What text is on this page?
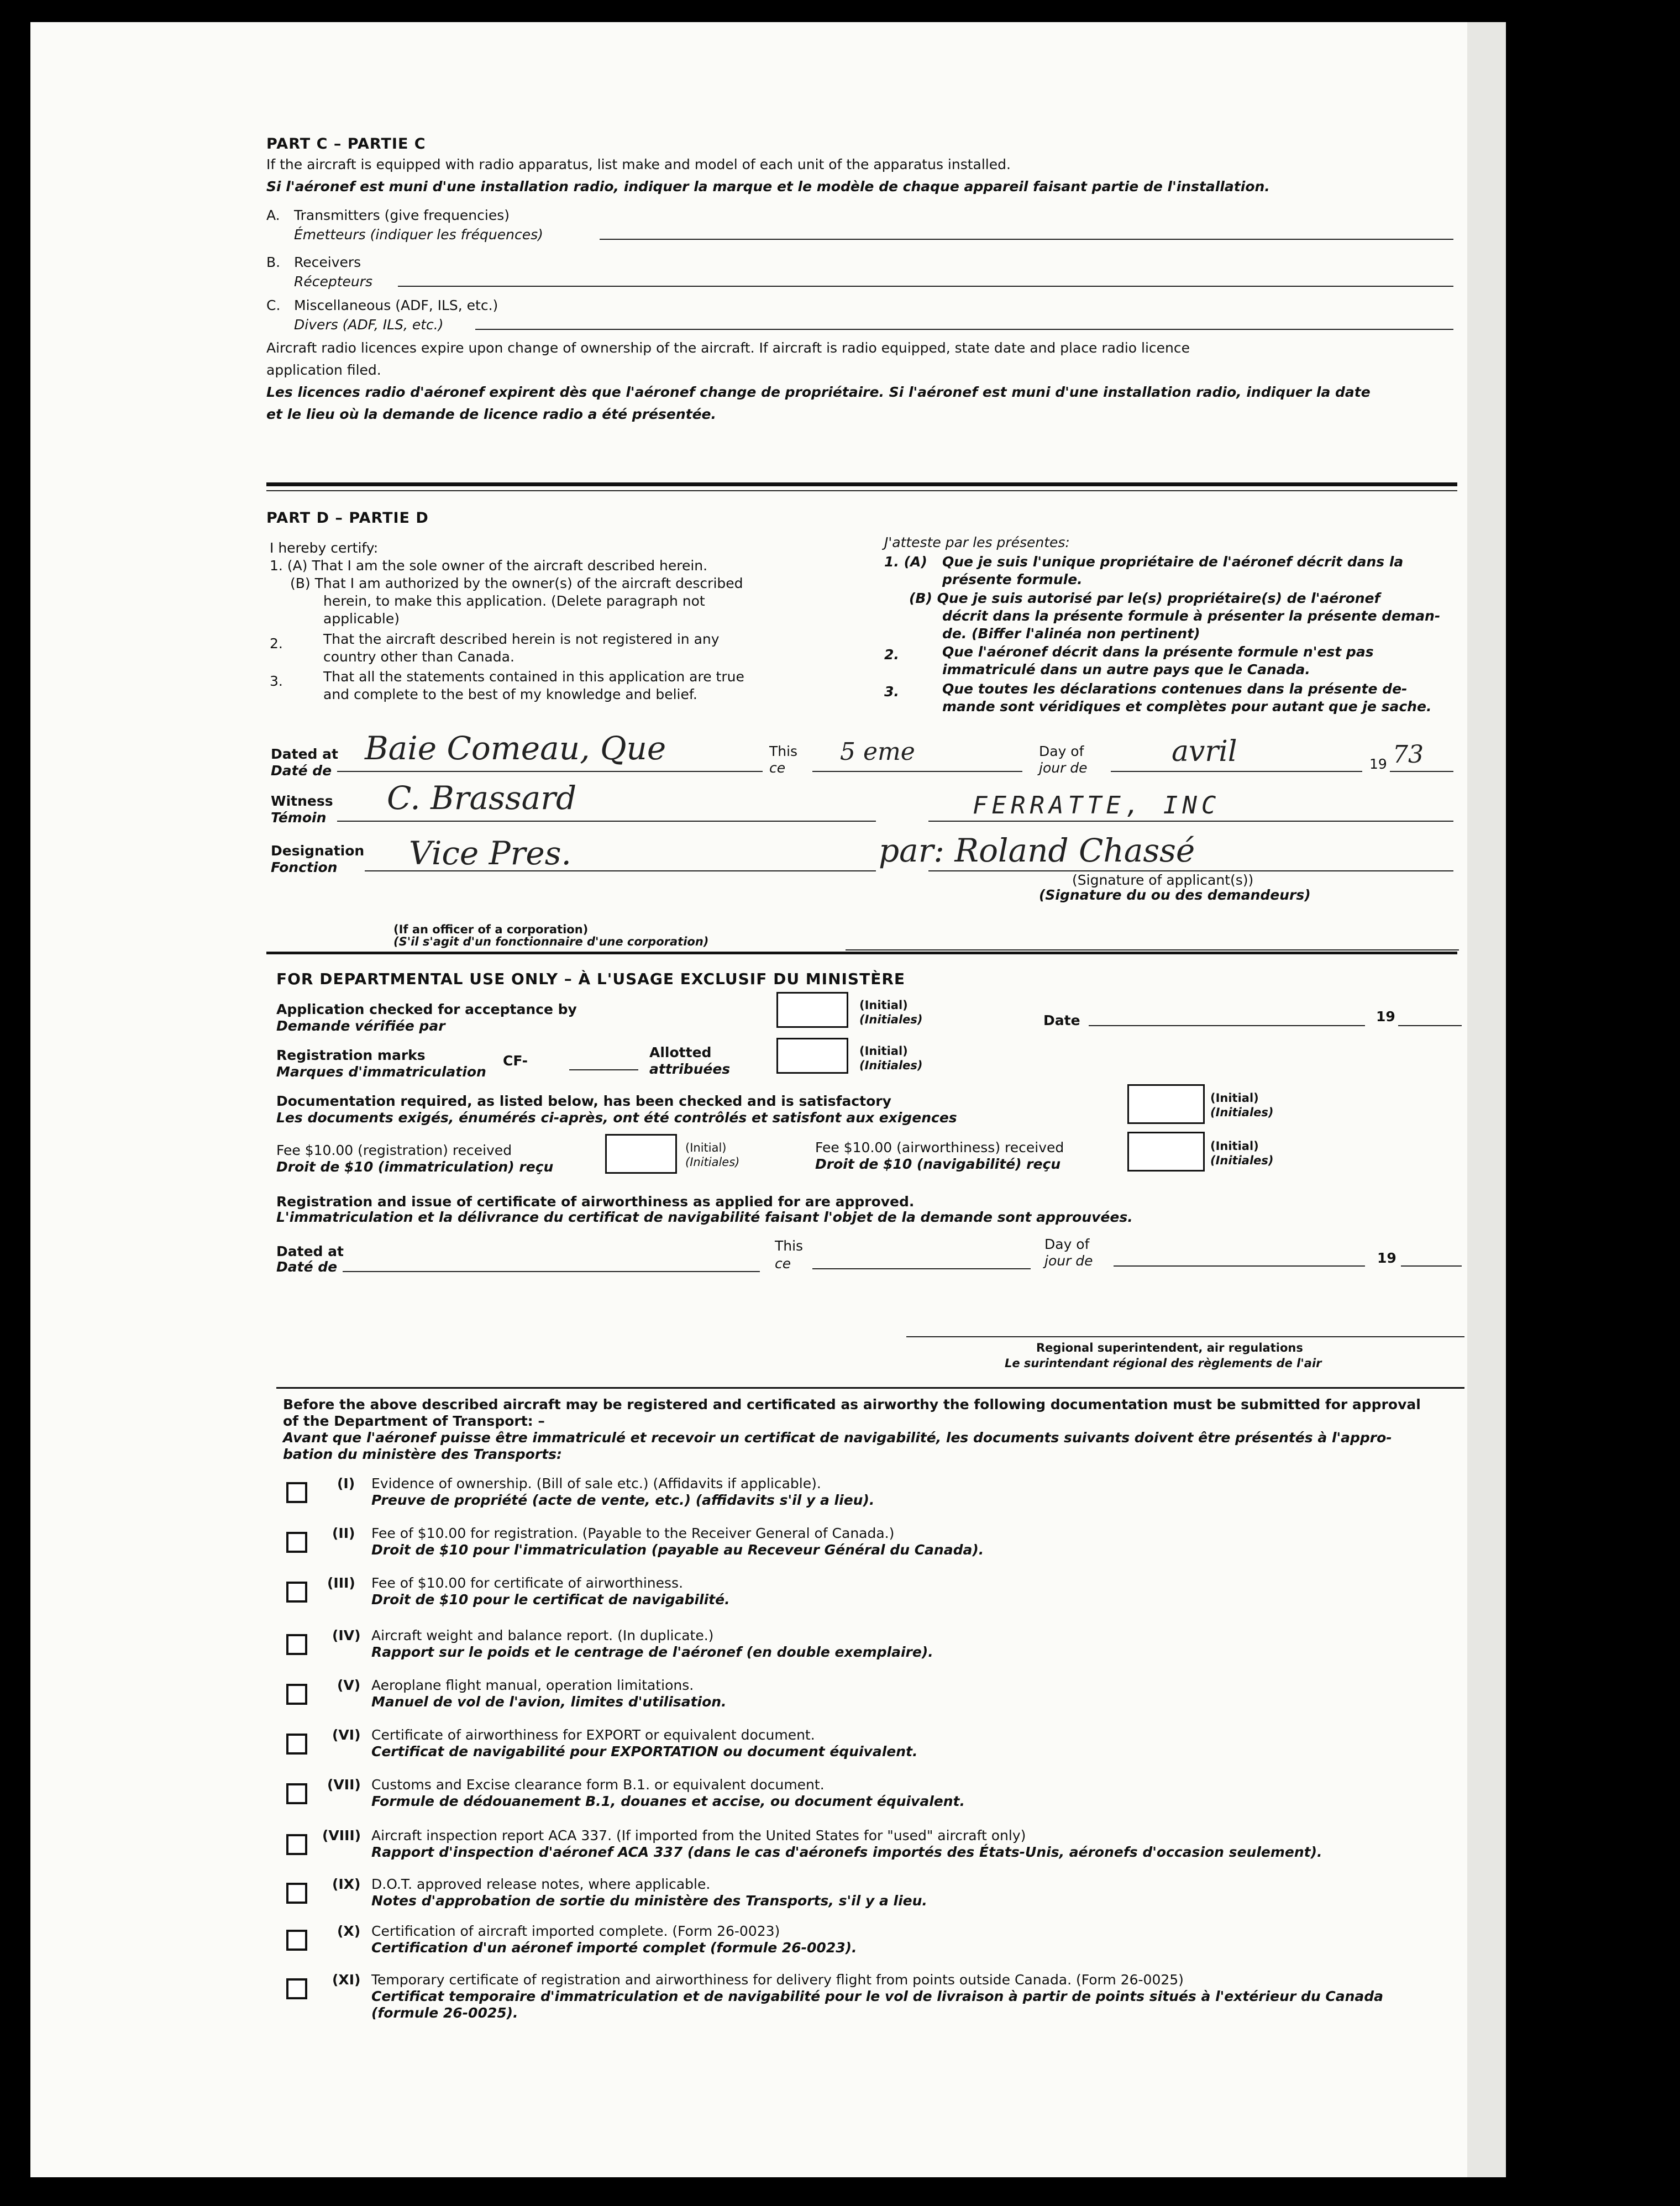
PART C – PARTIE C
If the aircraft is equipped with radio apparatus, list make and model of each unit of the apparatus installed.
Si l'aéronef est muni d'une installation radio, indiquer la marque et le modèle de chaque appareil faisant partie de l'installation.
A. Transmitters (give frequencies)
Émetteurs (indiquer les fréquences)
B. Receivers
Récepteurs
C. Miscellaneous (ADF, ILS, etc.)
Divers (ADF, ILS, etc.)
Aircraft radio licences expire upon change of ownership of the aircraft. If aircraft is radio equipped, state date and place radio licence
application filed.
Les licences radio d'aéronef expirent dès que l'aéronef change de propriétaire. Si l'aéronef est muni d'une installation radio, indiquer la date
et le lieu où la demande de licence radio a été présentée.
PART D – PARTIE D
I hereby certify:
1. (A) That I am the sole owner of the aircraft described herein.
(B) That I am authorized by the owner(s) of the aircraft described
herein, to make this application. (Delete paragraph not
applicable)
2.	That the aircraft described herein is not registered in any
country other than Canada.
3.	That all the statements contained in this application are true
and complete to the best of my knowledge and belief.
J'atteste par les présentes:
1. (A) Que je suis l'unique propriétaire de l'aéronef décrit dans la
présente formule.
(B) Que je suis autorisé par le(s) propriétaire(s) de l'aéronef
décrit dans la présente formule à présenter la présente deman-
de. (Biffer l'alinéa non pertinent)
2.	Que l'aéronef décrit dans la présente formule n'est pas
immatriculé dans un autre pays que le Canada.
3.	Que toutes les déclarations contenues dans la présente de-
mande sont véridiques et complètes pour autant que je sache.
Dated at
Daté de
Baie Comeau, Que	This
ce
5 eme	Day of
jour de	avril	19 73
Witness
Témoin
C. Brassard	FERRATTE, INC
Designation
Fonction Vice Pres.	par: Roland Chassé
(Signature of applicant(s))
(Signature du ou des demandeurs)
(If an officer of a corporation)
(S'il s'agit d'un fonctionnaire d'une corporation)
FOR DEPARTMENTAL USE ONLY – À L'USAGE EXCLUSIF DU MINISTÈRE
Application checked for acceptance by
Demande vérifiée par
(Initial)
(Initiales)	Date	19
Registration marks
Marques d'immatriculation
CF-
Allotted
attribuées
(Initial)
(Initiales)
Documentation required, as listed below, has been checked and is satisfactory
Les documents exigés, énumérés ci-après, ont été contrôlés et satisfont aux exigences
(Initial)
(Initiales)
Fee $10.00 (registration) received
Droit de $10 (immatriculation) reçu
(Initial)
(Initiales)
Fee $10.00 (airworthiness) received
Droit de $10 (navigabilité) reçu
(Initial)
(Initiales)
Registration and issue of certificate of airworthiness as applied for are approved.
L'immatriculation et la délivrance du certificat de navigabilité faisant l'objet de la demande sont approuvées.
Dated at
Daté de
This
ce
Day of
jour de	19
Regional superintendent, air regulations
Le surintendant régional des règlements de l'air
Before the above described aircraft may be registered and certificated as airworthy the following documentation must be submitted for approval
of the Department of Transport: –
Avant que l'aéronef puisse être immatriculé et recevoir un certificat de navigabilité, les documents suivants doivent être présentés à l'appro-
bation du ministère des Transports:
(I) Evidence of ownership. (Bill of sale etc.) (Affidavits if applicable).
Preuve de propriété (acte de vente, etc.) (affidavits s'il y a lieu).
(II) Fee of $10.00 for registration. (Payable to the Receiver General of Canada.)
Droit de $10 pour l'immatriculation (payable au Receveur Général du Canada).
(III) Fee of $10.00 for certificate of airworthiness.
Droit de $10 pour le certificat de navigabilité.
(IV) Aircraft weight and balance report. (In duplicate.)
Rapport sur le poids et le centrage de l'aéronef (en double exemplaire).
(V) Aeroplane flight manual, operation limitations.
Manuel de vol de l'avion, limites d'utilisation.
(VI) Certificate of airworthiness for EXPORT or equivalent document.
Certificat de navigabilité pour EXPORTATION ou document équivalent.
(VII) Customs and Excise clearance form B.1. or equivalent document.
Formule de dédouanement B.1, douanes et accise, ou document équivalent.
(VIII) Aircraft inspection report ACA 337. (If imported from the United States for "used" aircraft only)
Rapport d'inspection d'aéronef ACA 337 (dans le cas d'aéronefs importés des États-Unis, aéronefs d'occasion seulement).
(IX) D.O.T. approved release notes, where applicable.
Notes d'approbation de sortie du ministère des Transports, s'il y a lieu.
(X) Certification of aircraft imported complete. (Form 26-0023)
Certification d'un aéronef importé complet (formule 26-0023).
(XI) Temporary certificate of registration and airworthiness for delivery flight from points outside Canada. (Form 26-0025)
Certificat temporaire d'immatriculation et de navigabilité pour le vol de livraison à partir de points situés à l'extérieur du Canada
(formule 26-0025).
